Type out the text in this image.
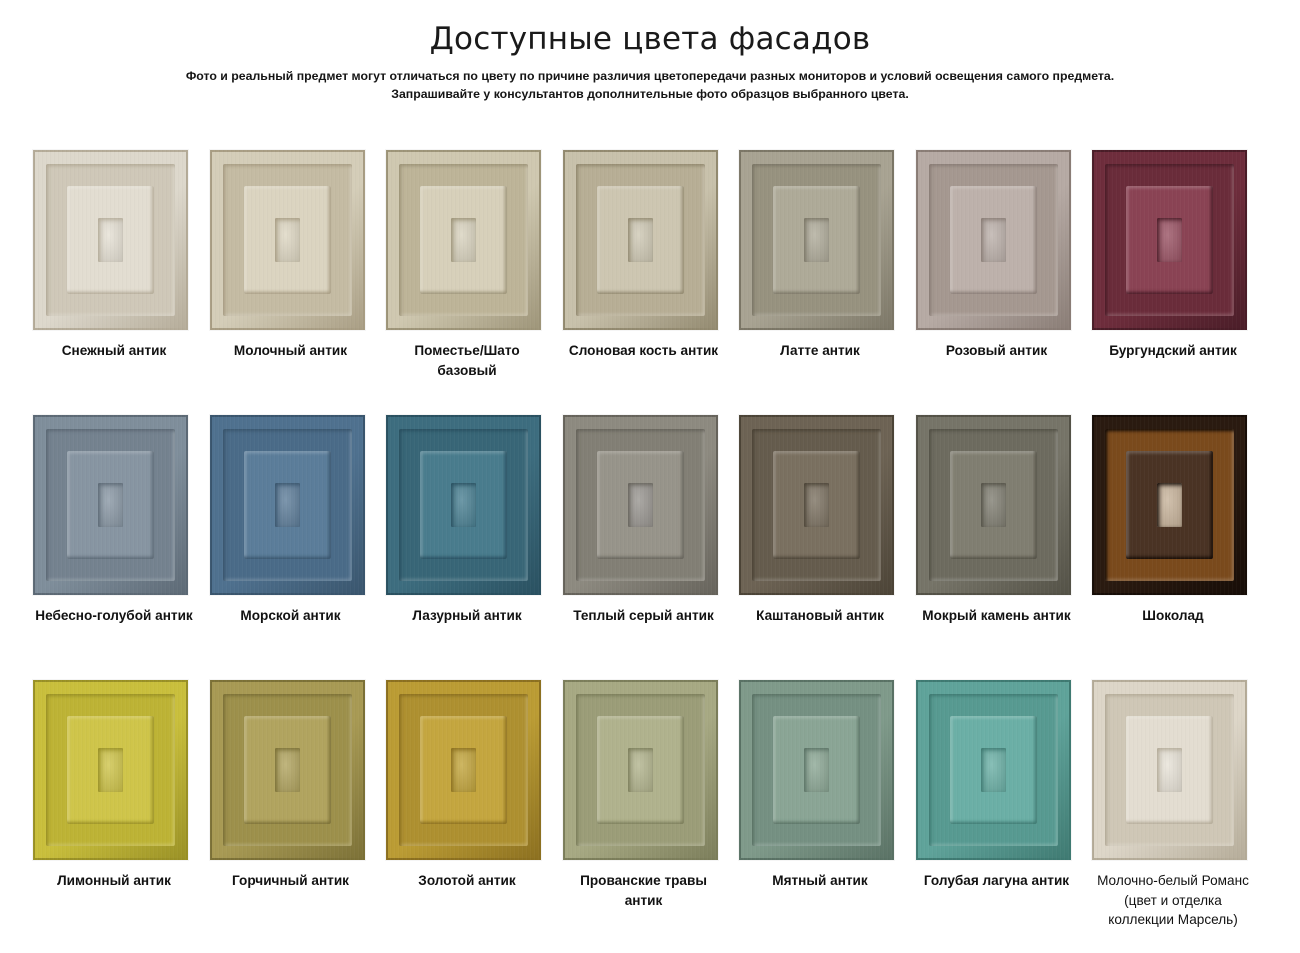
Доступные цвета фасадов
Фото и реальный предмет могут отличаться по цвету по причине различия цветопередачи разных мониторов и условий освещения самого предмета.
Запрашивайте у консультантов дополнительные фото образцов выбранного цвета.
Снежный антик	Молочный антик	Поместье/Шато базовый
Слоновая кость антик	Латте антик	Розовый антик	Бургундский антик
Небесно-голубой антик	Морской антик	Лазурный антик	Теплый серый антик	Каштановый антик	Мокрый камень антик	Шоколад
Лимонный антик	Горчичный антик	Золотой антик	Прованские травы антик
Мятный антик	Голубая лагуна антик	Молочно-белый Романс (цвет и отделка коллекции Марсель)
